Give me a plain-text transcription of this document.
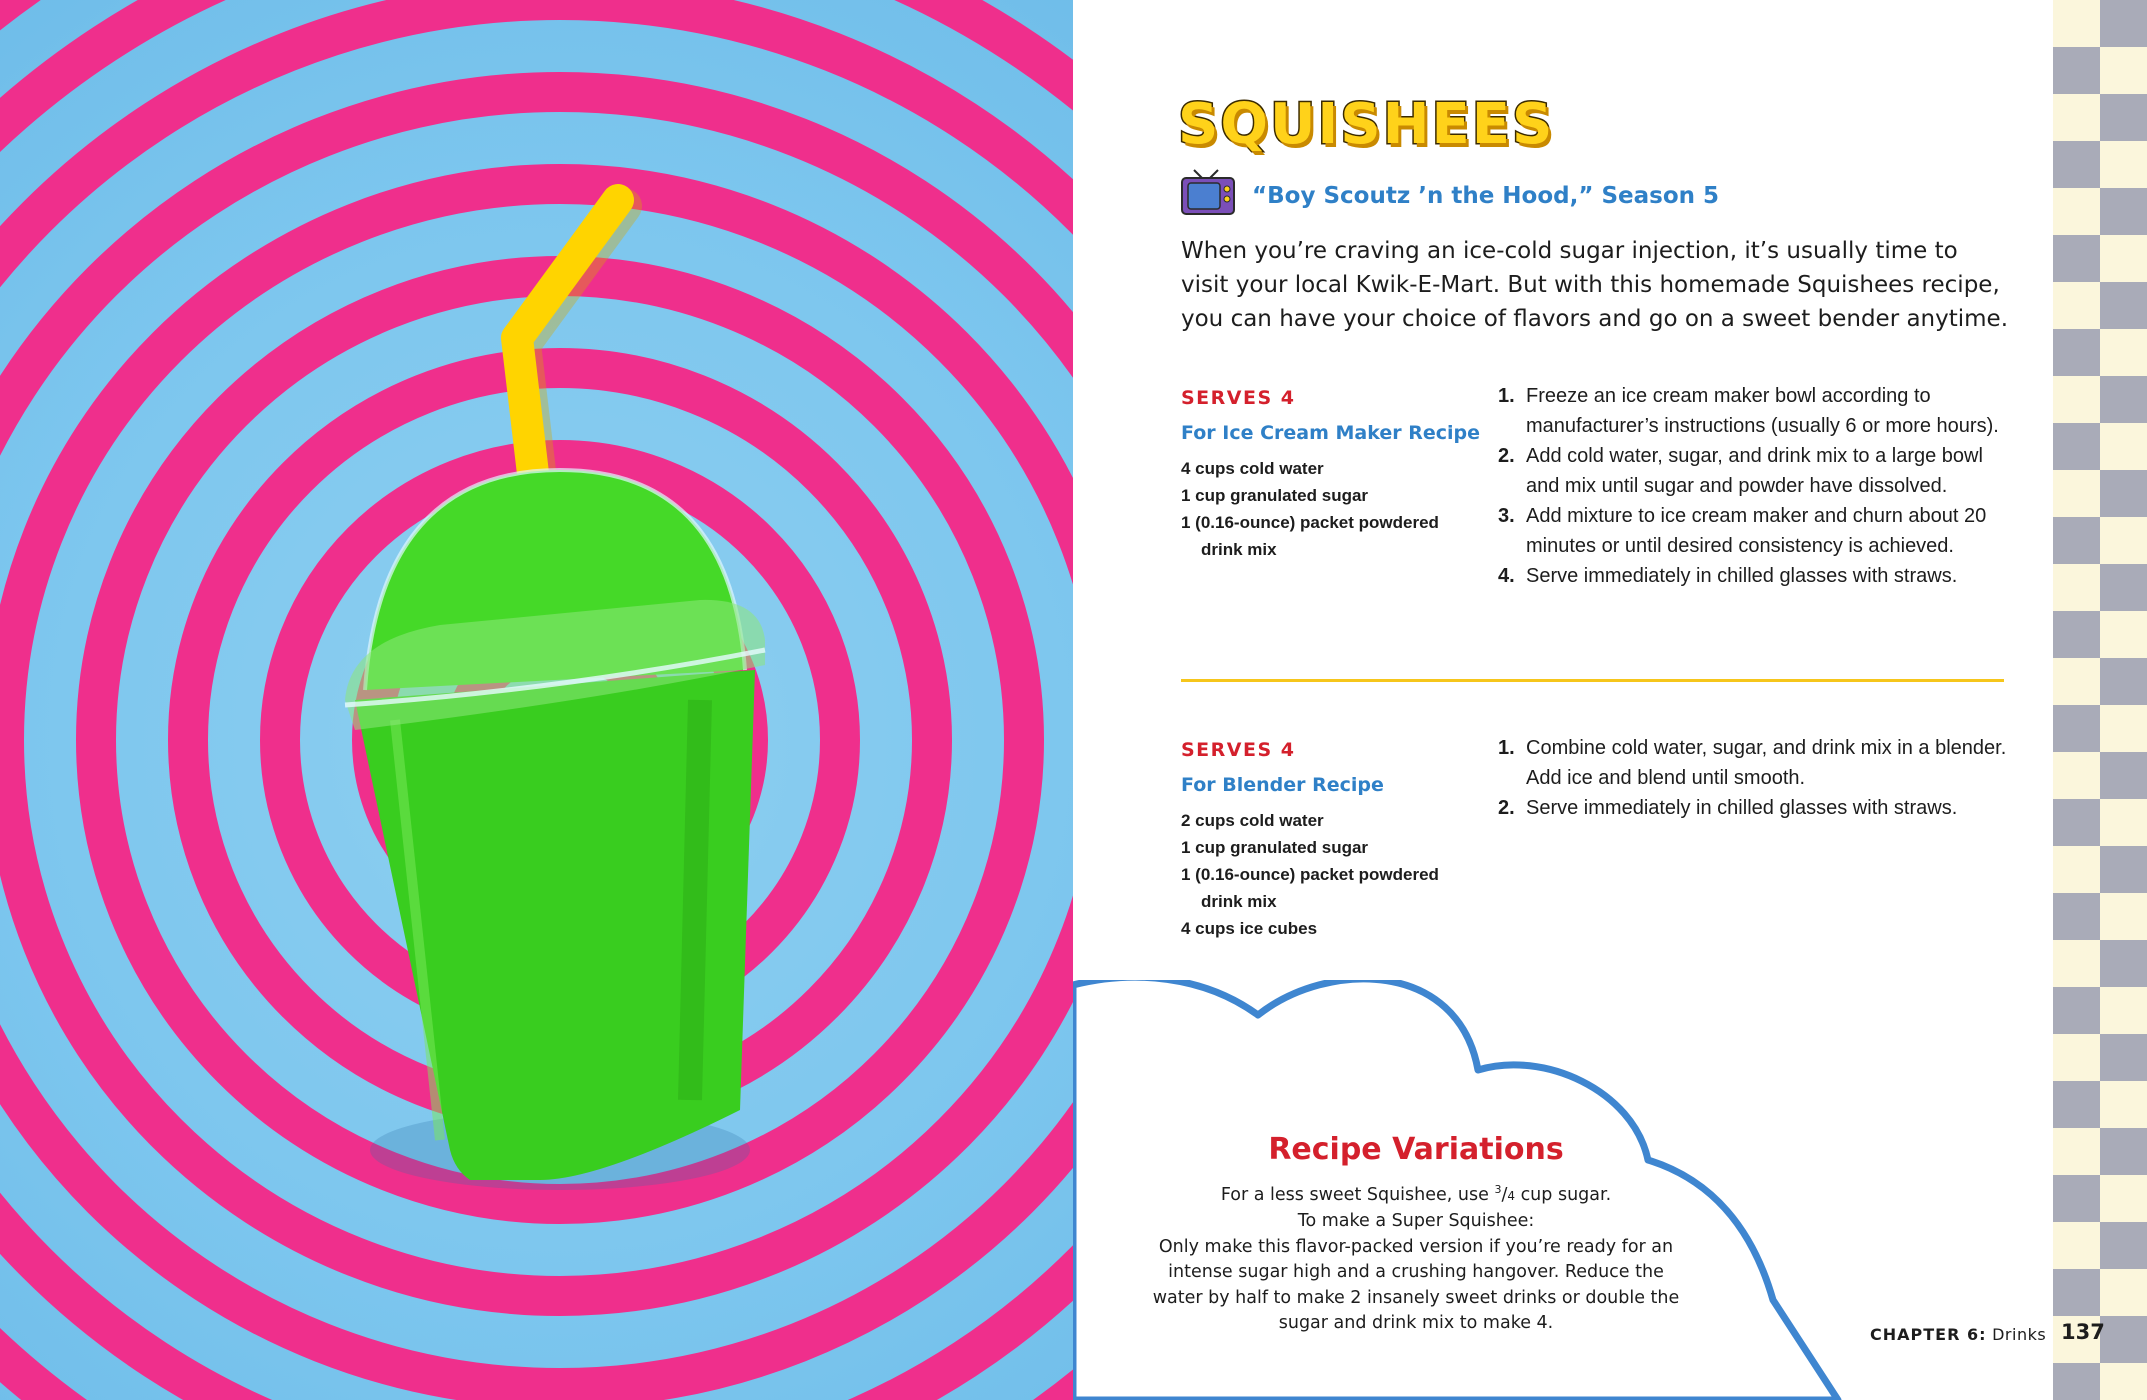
SQUISHEES
“Boy Scoutz ’n the Hood,” Season 5
When you’re craving an ice-cold sugar injection, it’s usually time to visit your local Kwik-E-Mart. But with this homemade Squishees recipe, you can have your choice of flavors and go on a sweet bender anytime.
SERVES 4
For Ice Cream Maker Recipe
4 cups cold water
1 cup granulated sugar
1 (0.16-ounce) packet powdered drink mix
1. Freeze an ice cream maker bowl according to manufacturer’s instructions (usually 6 or more hours).
2. Add cold water, sugar, and drink mix to a large bowl and mix until sugar and powder have dissolved.
3. Add mixture to ice cream maker and churn about 20 minutes or until desired consistency is achieved.
4. Serve immediately in chilled glasses with straws.
SERVES 4
For Blender Recipe
2 cups cold water
1 cup granulated sugar
1 (0.16-ounce) packet powdered drink mix
4 cups ice cubes
1. Combine cold water, sugar, and drink mix in a blender. Add ice and blend until smooth.
2. Serve immediately in chilled glasses with straws.
Recipe Variations
For a less sweet Squishee, use $^3$/4 cup sugar.
To make a Super Squishee:
Only make this flavor-packed version if you’re ready for an intense sugar high and a crushing hangover. Reduce the water by half to make 2 insanely sweet drinks or double the sugar and drink mix to make 4.
CHAPTER 6: Drinks 137
